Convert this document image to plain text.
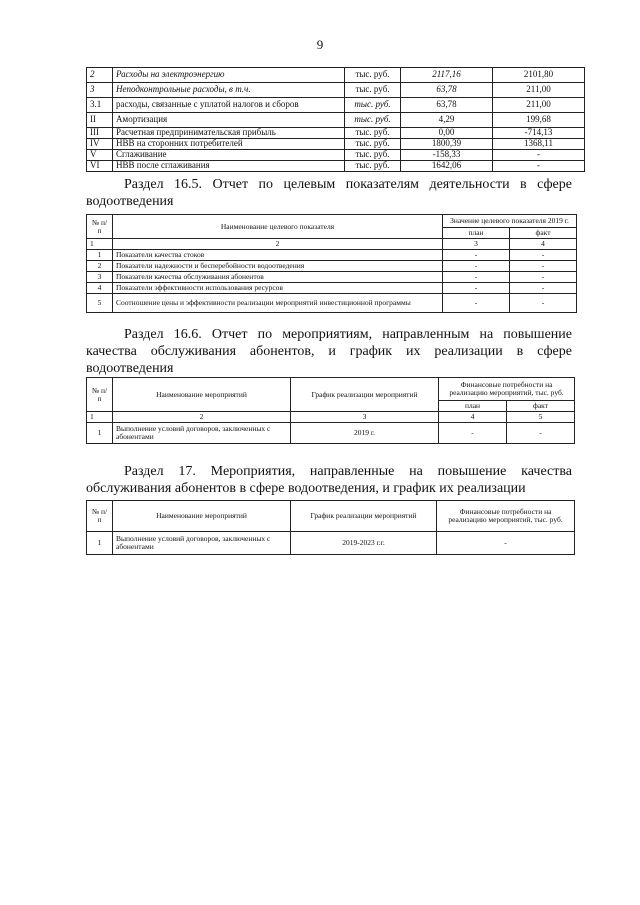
9
2	Расходы на электроэнергию	тыс. руб.	2117,16	2101,80
3	Неподконтрольные расходы, в т.ч.	тыс. руб.	63,78	211,00
3.1	расходы, связанные с уплатой налогов и сборов	тыс. руб.	63,78	211,00
II	Амортизация	тыс. руб.	4,29	199,68
III	Расчетная предпринимательская прибыль	тыс. руб.	0,00	-714,13
IV	НВВ на сторонних потребителей	тыс. руб.	1800,39	1368,11
V	Сглаживание	тыс. руб.	-158,33	-
VI	НВВ после сглаживания	тыс. руб.	1642,06	-
Раздел 16.5. Отчет по целевым показателям деятельности в сфере водоотведения
№ п/п	Наименование целевого показателя	Значение целевого показателя 2019 г.	
		план	факт
1	2	3	4
1	Показатели качества стоков	-	-
2	Показатели надежности и бесперебойности водоотведения	-	-
3	Показатели качества обслуживания абонентов	-	-
4	Показатели эффективности использования ресурсов	-	-
5	Соотношение цены и эффективности реализации мероприятий инвестиционной программы	-	-
Раздел 16.6. Отчет по мероприятиям, направленным на повышение качества обслуживания абонентов, и график их реализации в сфере водоотведения
№ п/п	Наименование мероприятий	График реализации мероприятий	Финансовые потребности на реализацию мероприятий, тыс. руб.	
			план	факт
1	2	3	4	5
1	Выполнение условий договоров, заключенных с абонентами	2019 г.	-	-
Раздел 17. Мероприятия, направленные на повышение качества обслуживания абонентов в сфере водоотведения, и график их реализации
№ п/п	Наименование мероприятий	График реализации мероприятий	Финансовые потребности на реализацию мероприятий, тыс. руб.
1	Выполнение условий договоров, заключенных с абонентами	2019-2023 г.г.	-
